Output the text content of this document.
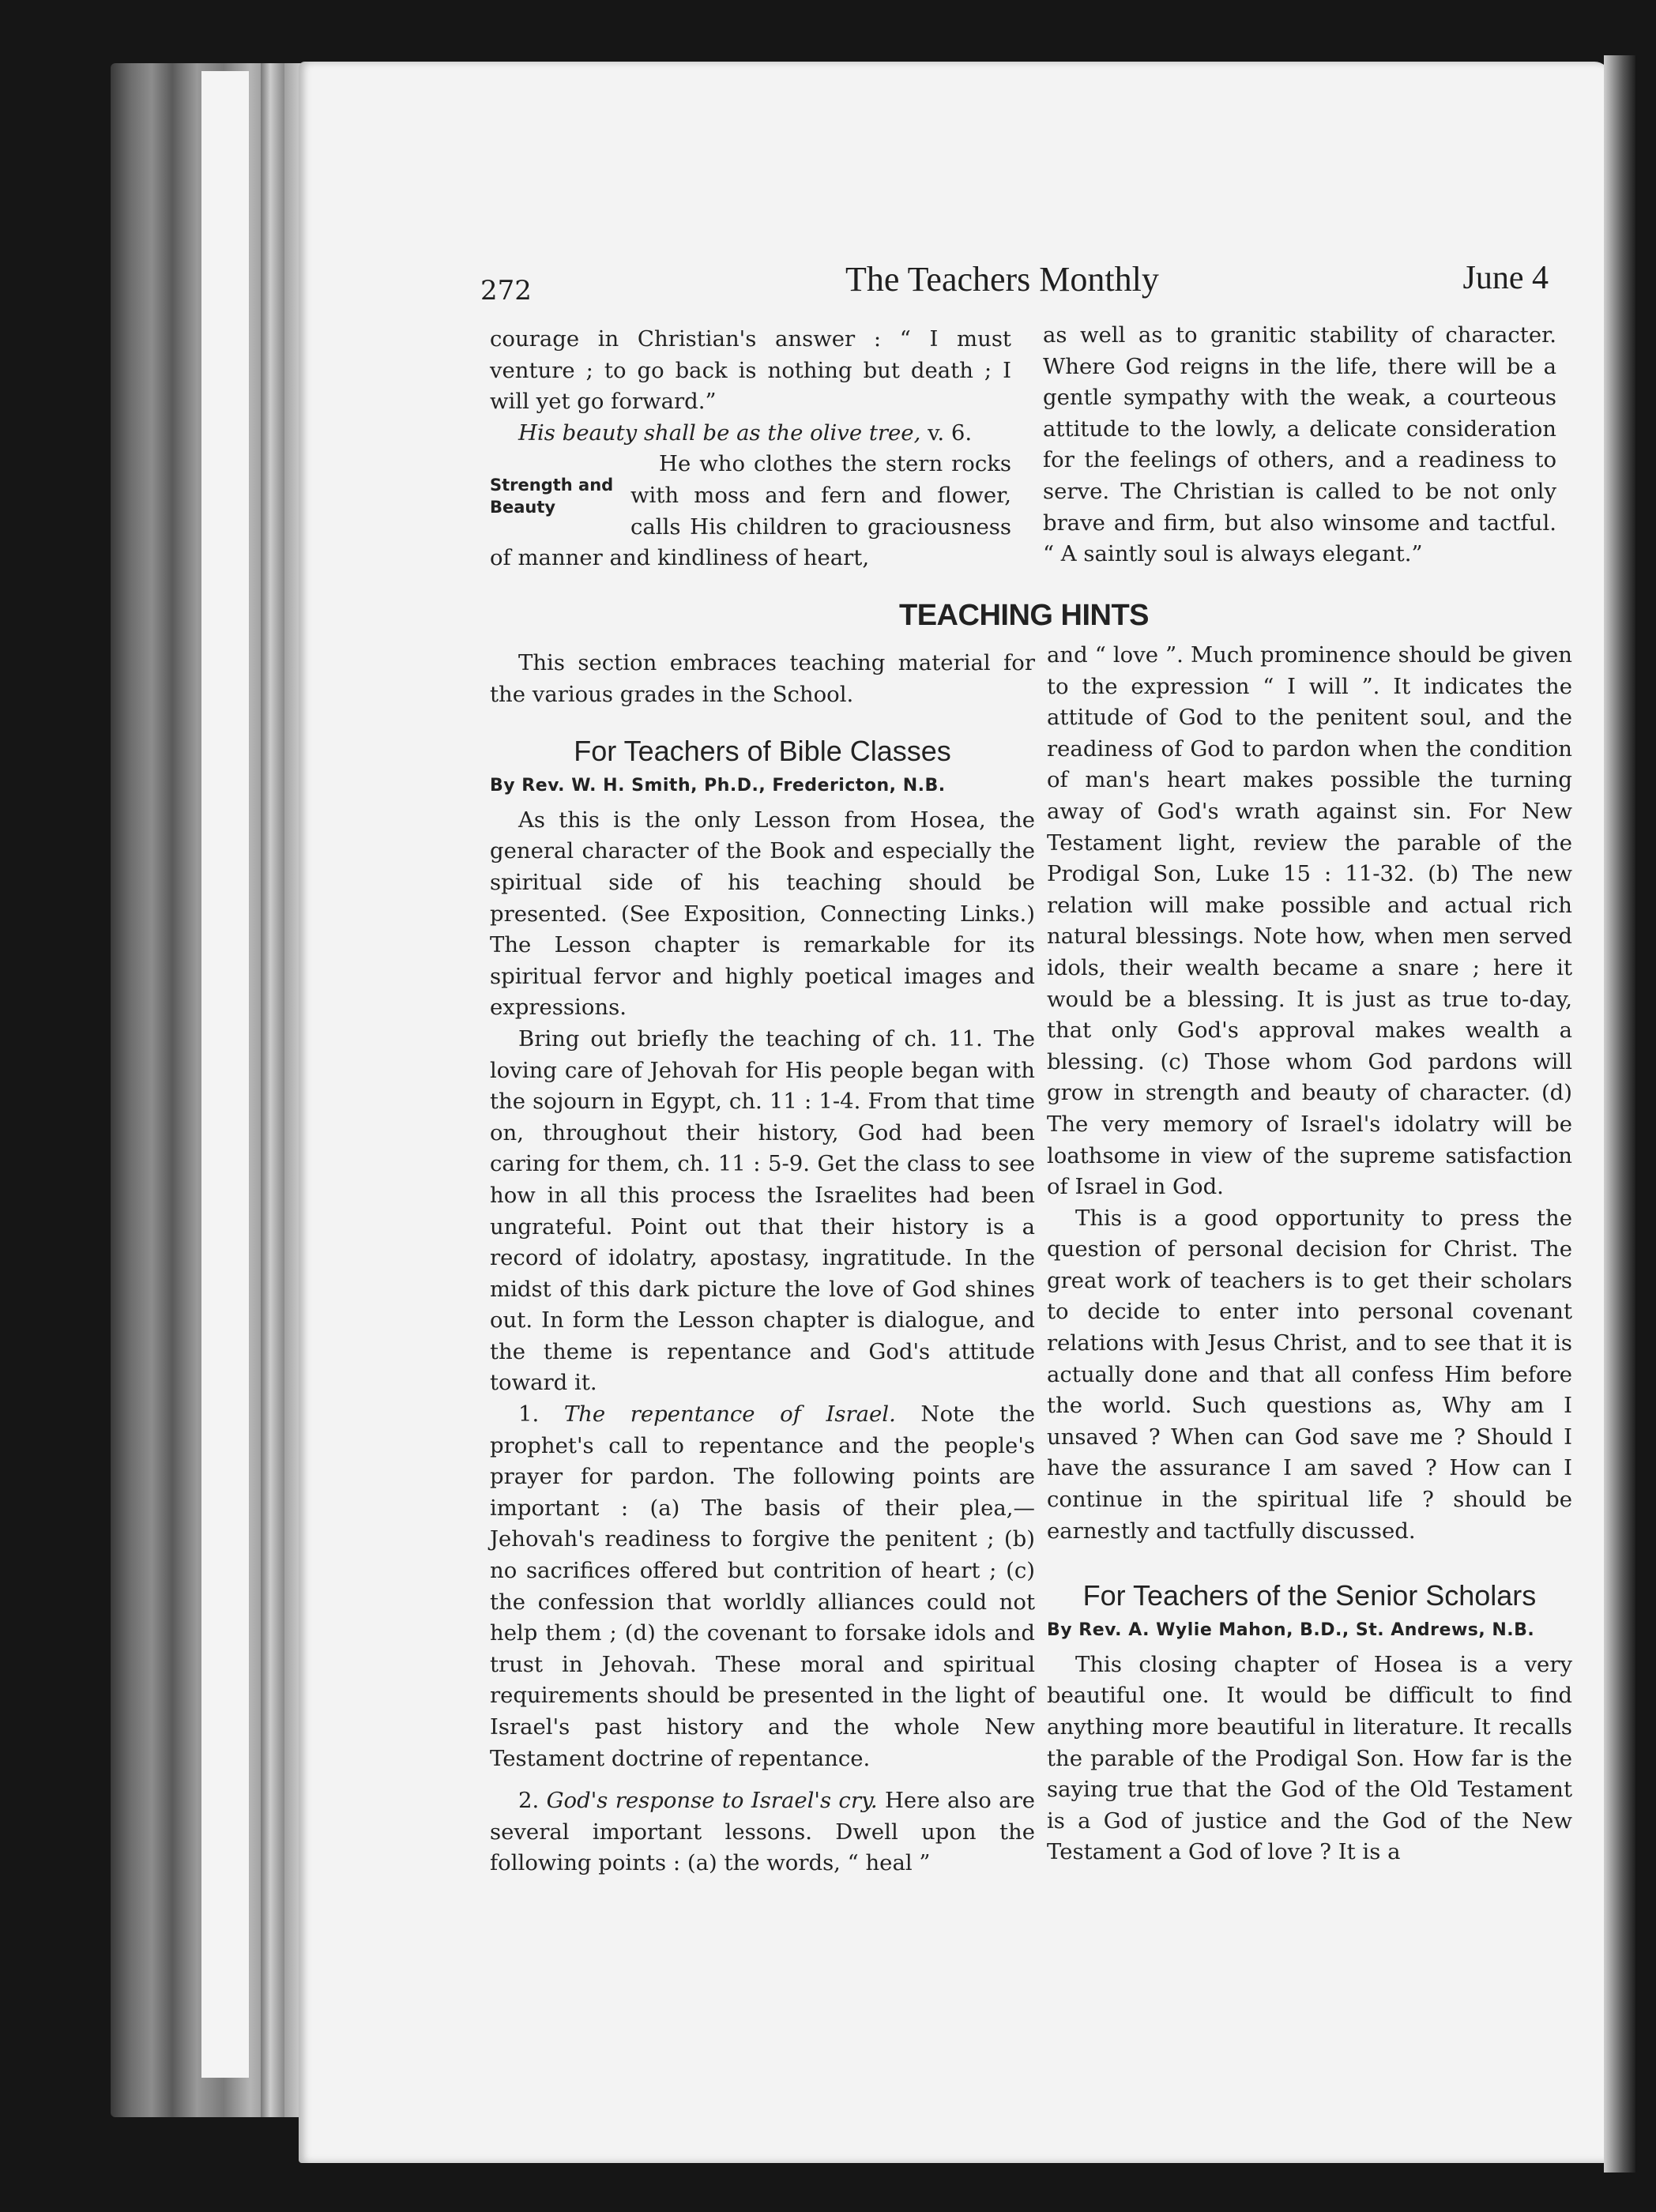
272	The Teachers Monthly	June 4

courage in Christian's answer : “ I must venture ; to go back is nothing but death ; I will yet go forward.”

His beauty shall be as the olive tree, v. 6.

Strength and Beauty

He who clothes the stern rocks with moss and fern and flower, calls His children to graciousness of manner and kindliness of heart,

as well as to granitic stability of character. Where God reigns in the life, there will be a gentle sympathy with the weak, a courteous attitude to the lowly, a delicate consideration for the feelings of others, and a readiness to serve. The Christian is called to be not only brave and firm, but also winsome and tactful. “ A saintly soul is always elegant.”

TEACHING HINTS

This section embraces teaching material for the various grades in the School.

For Teachers of Bible Classes
By Rev. W. H. Smith, Ph.D., Fredericton, N.B.

As this is the only Lesson from Hosea, the general character of the Book and especially the spiritual side of his teaching should be presented. (See Exposition, Connecting Links.) The Lesson chapter is remarkable for its spiritual fervor and highly poetical images and expressions.

Bring out briefly the teaching of ch. 11. The loving care of Jehovah for His people began with the sojourn in Egypt, ch. 11 : 1-4. From that time on, throughout their history, God had been caring for them, ch. 11 : 5-9. Get the class to see how in all this process the Israelites had been ungrateful. Point out that their history is a record of idolatry, apostasy, ingratitude. In the midst of this dark picture the love of God shines out. In form the Lesson chapter is dialogue, and the theme is repentance and God's attitude toward it.

1. The repentance of Israel. Note the prophet's call to repentance and the people's prayer for pardon. The following points are important : (a) The basis of their plea,—Jehovah's readiness to forgive the penitent ; (b) no sacrifices offered but contrition of heart ; (c) the confession that worldly alliances could not help them ; (d) the covenant to forsake idols and trust in Jehovah. These moral and spiritual requirements should be presented in the light of Israel's past history and the whole New Testament doctrine of repentance.

2. God's response to Israel's cry. Here also are several important lessons. Dwell upon the following points : (a) the words, “ heal ”

and “ love ”. Much prominence should be given to the expression “ I will ”. It indicates the attitude of God to the penitent soul, and the readiness of God to pardon when the condition of man's heart makes possible the turning away of God's wrath against sin. For New Testament light, review the parable of the Prodigal Son, Luke 15 : 11-32. (b) The new relation will make possible and actual rich natural blessings. Note how, when men served idols, their wealth became a snare ; here it would be a blessing. It is just as true to-day, that only God's approval makes wealth a blessing. (c) Those whom God pardons will grow in strength and beauty of character. (d) The very memory of Israel's idolatry will be loathsome in view of the supreme satisfaction of Israel in God.

This is a good opportunity to press the question of personal decision for Christ. The great work of teachers is to get their scholars to decide to enter into personal covenant relations with Jesus Christ, and to see that it is actually done and that all confess Him before the world. Such questions as, Why am I unsaved ? When can God save me ? Should I have the assurance I am saved ? How can I continue in the spiritual life ? should be earnestly and tactfully discussed.

For Teachers of the Senior Scholars
By Rev. A. Wylie Mahon, B.D., St. Andrews, N.B.

This closing chapter of Hosea is a very beautiful one. It would be difficult to find anything more beautiful in literature. It recalls the parable of the Prodigal Son. How far is the saying true that the God of the Old Testament is a God of justice and the God of the New Testament a God of love ? It is a
